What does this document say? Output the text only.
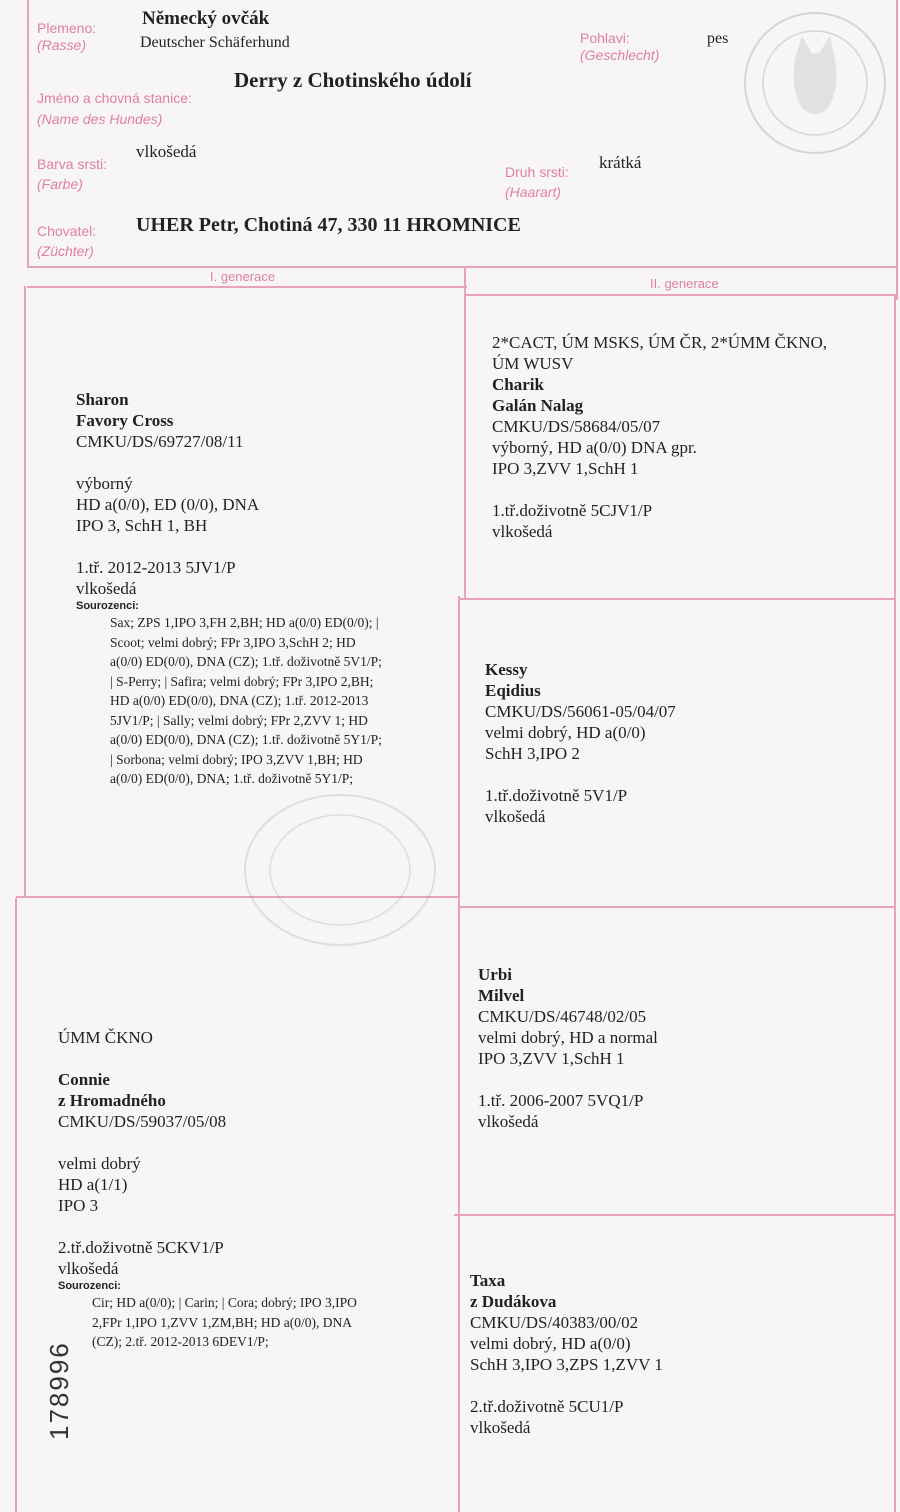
Plemeno:
(Rasse)
Německý ovčák
Deutscher Schäferhund	Pohlavi:
(Geschlecht)
pes
Jméno a chovná stanice:
(Name des Hundes)
Derry z Chotinského údolí
Barva srsti:
(Farbe)
vlkošedá
Druh srsti:
(Haarart)
krátká
Chovatel:
(Züchter)
UHER Petr, Chotiná 47, 330 11 HROMNICE
I. generace	II. generace
Sharon
Favory Cross
CMKU/DS/69727/08/11
výborný
HD a(0/0), ED (0/0), DNA
IPO 3, SchH 1, BH
1.tř. 2012-2013 5JV1/P
vlkošedá
Sourozenci:
Sax; ZPS 1,IPO 3,FH 2,BH; HD a(0/0) ED(0/0); |
Scoot; velmi dobrý; FPr 3,IPO 3,SchH 2; HD
a(0/0) ED(0/0), DNA (CZ); 1.tř. doživotně 5V1/P;
| S-Perry; | Safira; velmi dobrý; FPr 3,IPO 2,BH;
HD a(0/0) ED(0/0), DNA (CZ); 1.tř. 2012-2013
5JV1/P; | Sally; velmi dobrý; FPr 2,ZVV 1; HD
a(0/0) ED(0/0), DNA (CZ); 1.tř. doživotně 5Y1/P;
| Sorbona; velmi dobrý; IPO 3,ZVV 1,BH; HD
a(0/0) ED(0/0), DNA; 1.tř. doživotně 5Y1/P;
2*CACT, ÚM MSKS, ÚM ČR, 2*ÚMM ČKNO,
ÚM WUSV
Charik
Galán Nalag
CMKU/DS/58684/05/07
výborný, HD a(0/0) DNA gpr.
IPO 3,ZVV 1,SchH 1
1.tř.doživotně 5CJV1/P
vlkošedá
Kessy
Eqidius
CMKU/DS/56061-05/04/07
velmi dobrý, HD a(0/0)
SchH 3,IPO 2
1.tř.doživotně 5V1/P
vlkošedá
ÚMM ČKNO
Connie
z Hromadného
CMKU/DS/59037/05/08
velmi dobrý
HD a(1/1)
IPO 3
2.tř.doživotně 5CKV1/P
vlkošedá
Sourozenci:
Cir; HD a(0/0); | Carin; | Cora; dobrý; IPO 3,IPO
2,FPr 1,IPO 1,ZVV 1,ZM,BH; HD a(0/0), DNA
(CZ); 2.tř. 2012-2013 6DEV1/P;
Urbi
Milvel
CMKU/DS/46748/02/05
velmi dobrý, HD a normal
IPO 3,ZVV 1,SchH 1
1.tř. 2006-2007 5VQ1/P
vlkošedá
Taxa
z Dudákova
CMKU/DS/40383/00/02
velmi dobrý, HD a(0/0)
SchH 3,IPO 3,ZPS 1,ZVV 1
2.tř.doživotně 5CU1/P
vlkošedá
178996
